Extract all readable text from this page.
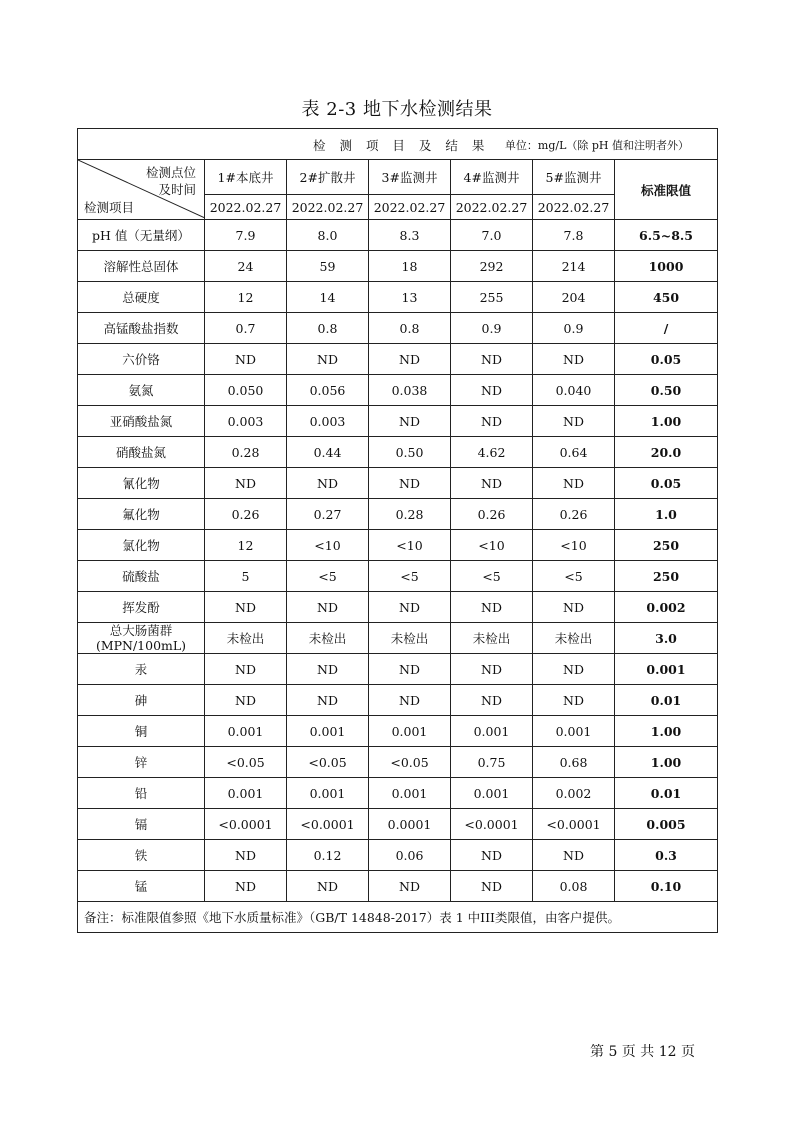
表 2-3 地下水检测结果
检 测 项 目 及 结 果 单位：mg/L（除 pH 值和注明者外）						

检测点位
及时间
检测项目	1#本底井	2#扩散井	3#监测井	4#监测井	5#监测井	标准限值
	2022.02.27	2022.02.27	2022.02.27	2022.02.27	2022.02.27	
pH 值（无量纲）	7.9	8.0	8.3	7.0	7.8	6.5~8.5
溶解性总固体	24	59	18	292	214	1000
总硬度	12	14	13	255	204	450
高锰酸盐指数	0.7	0.8	0.8	0.9	0.9	/
六价铬	ND	ND	ND	ND	ND	0.05
氨氮	0.050	0.056	0.038	ND	0.040	0.50
亚硝酸盐氮	0.003	0.003	ND	ND	ND	1.00
硝酸盐氮	0.28	0.44	0.50	4.62	0.64	20.0
氰化物	ND	ND	ND	ND	ND	0.05
氟化物	0.26	0.27	0.28	0.26	0.26	1.0
氯化物	12	<10	<10	<10	<10	250
硫酸盐	5	<5	<5	<5	<5	250
挥发酚	ND	ND	ND	ND	ND	0.002
总大肠菌群
(MPN/100mL)	未检出	未检出	未检出	未检出	未检出	3.0
汞	ND	ND	ND	ND	ND	0.001
砷	ND	ND	ND	ND	ND	0.01
铜	0.001	0.001	0.001	0.001	0.001	1.00
锌	<0.05	<0.05	<0.05	0.75	0.68	1.00
铅	0.001	0.001	0.001	0.001	0.002	0.01
镉	<0.0001	<0.0001	0.0001	<0.0001	<0.0001	0.005
铁	ND	0.12	0.06	ND	ND	0.3
锰	ND	ND	ND	ND	0.08	0.10
备注：标准限值参照《地下水质量标准》（GB/T 14848-2017）表 1 中III类限值，由客户提供。						
第 5 页 共 12 页
